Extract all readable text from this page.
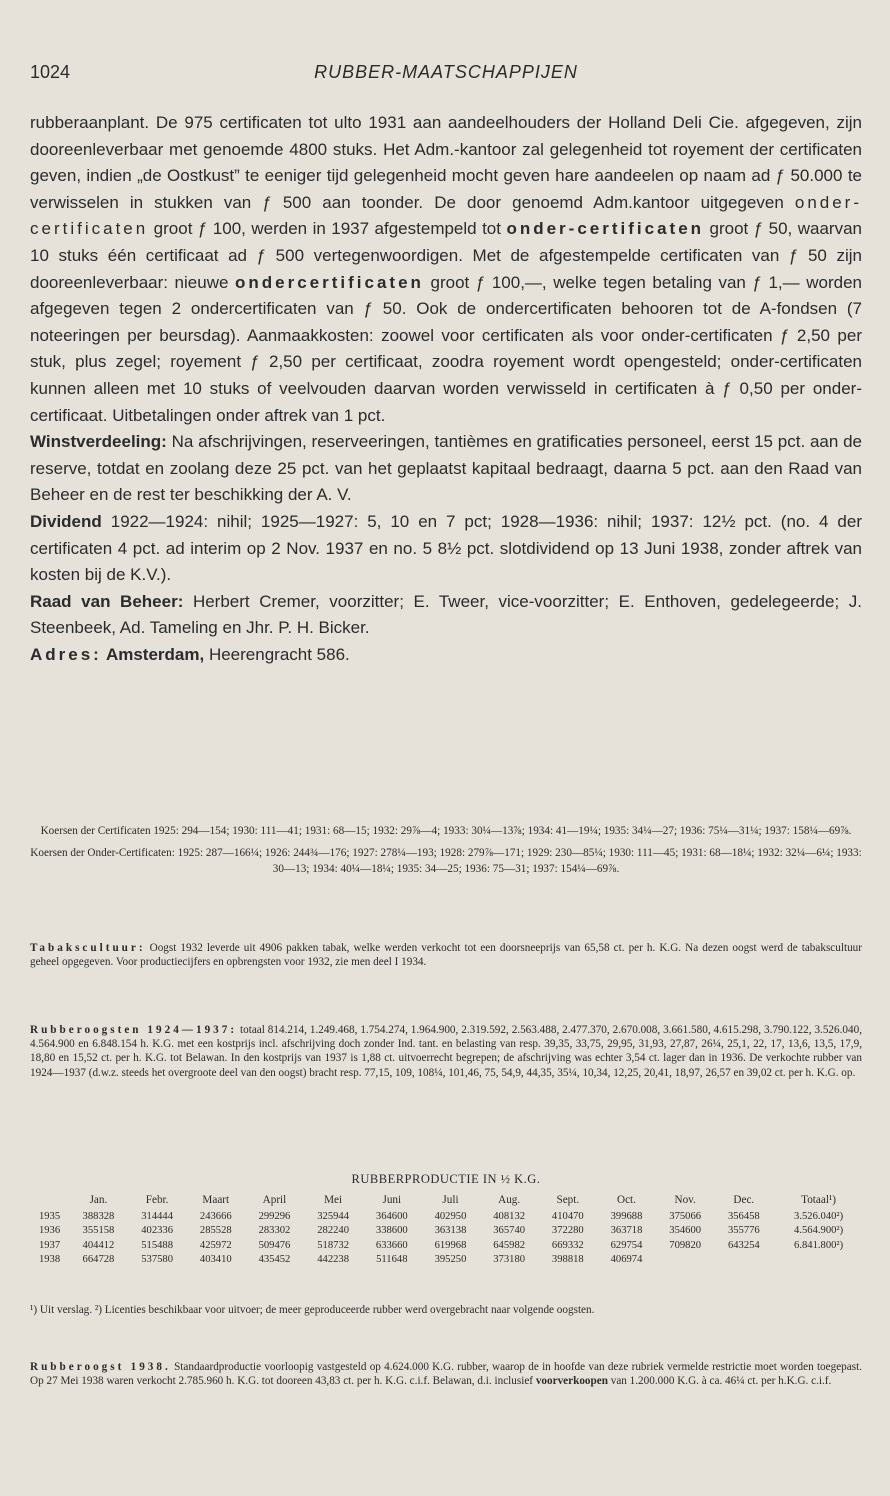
1024	RUBBER-MAATSCHAPPIJEN

rubberaanplant. De 975 certificaten tot ulto 1931 aan aandeelhouders der Holland Deli Cie. afgegeven, zijn dooreenleverbaar met genoemde 4800 stuks. Het Adm.-kantoor zal gelegenheid tot royement der certificaten geven, indien „de Oostkust” te eeniger tijd gelegenheid mocht geven hare aandeelen op naam ad ƒ 50.000 te verwisselen in stukken van ƒ 500 aan toonder. De door genoemd Adm.kantoor uitgegeven onder-certificaten groot ƒ 100, werden in 1937 afgestempeld tot onder-certificaten groot ƒ 50, waarvan 10 stuks één certificaat ad ƒ 500 vertegenwoordigen. Met de afgestempelde certificaten van ƒ 50 zijn dooreenleverbaar: nieuwe ondercertificaten groot ƒ 100,—, welke tegen betaling van ƒ 1,— worden afgegeven tegen 2 ondercertificaten van ƒ 50. Ook de ondercertificaten behooren tot de A-fondsen (7 noteeringen per beursdag). Aanmaakkosten: zoowel voor certificaten als voor onder-certificaten ƒ 2,50 per stuk, plus zegel; royement ƒ 2,50 per certificaat, zoodra royement wordt opengesteld; onder-certificaten kunnen alleen met 10 stuks of veelvouden daarvan worden verwisseld in certificaten à ƒ 0,50 per onder-certificaat. Uitbetalingen onder aftrek van 1 pct.

Winstverdeeling: Na afschrijvingen, reserveeringen, tantièmes en gratificaties personeel, eerst 15 pct. aan de reserve, totdat en zoolang deze 25 pct. van het geplaatst kapitaal bedraagt, daarna 5 pct. aan den Raad van Beheer en de rest ter beschikking der A. V.

Dividend 1922—1924: nihil; 1925—1927: 5, 10 en 7 pct; 1928—1936: nihil; 1937: 12½ pct. (no. 4 der certificaten 4 pct. ad interim op 2 Nov. 1937 en no. 5 8½ pct. slotdividend op 13 Juni 1938, zonder aftrek van kosten bij de K.V.).

Raad van Beheer: Herbert Cremer, voorzitter; E. Tweer, vice-voorzitter; E. Enthoven, gedelegeerde; J. Steenbeek, Ad. Tameling en Jhr. P. H. Bicker.

Adres: Amsterdam, Heerengracht 586.

Koersen der Certificaten 1925: 294—154; 1930: 111—41; 1931: 68—15; 1932: 29⅞—4; 1933: 30¼—13⅞; 1934: 41—19¼; 1935: 34¼—27; 1936: 75¼—31¼; 1937: 158¼—69⅞.

Koersen der Onder-Certificaten: 1925: 287—166¼; 1926: 244¾—176; 1927: 278¼—193; 1928: 279⅞—171; 1929: 230—85¼; 1930: 111—45; 1931: 68—18¼; 1932: 32¼—6¼; 1933: 30—13; 1934: 40¼—18¼; 1935: 34—25; 1936: 75—31; 1937: 154¼—69⅞.

Tabakscultuur: Oogst 1932 leverde uit 4906 pakken tabak, welke werden verkocht tot een doorsneeprijs van 65,58 ct. per h. K.G. Na dezen oogst werd de tabakscultuur geheel opgegeven. Voor productiecijfers en opbrengsten voor 1932, zie men deel I 1934.

Rubberoogsten 1924—1937: totaal 814.214, 1.249.468, 1.754.274, 1.964.900, 2.319.592, 2.563.488, 2.477.370, 2.670.008, 3.661.580, 4.615.298, 3.790.122, 3.526.040, 4.564.900 en 6.848.154 h. K.G. met een kostprijs incl. afschrijving doch zonder Ind. tant. en belasting van resp. 39,35, 33,75, 29,95, 31,93, 27,87, 26¼, 25,1, 22, 17, 13,6, 13,5, 17,9, 18,80 en 15,52 ct. per h. K.G. tot Belawan. In den kostprijs van 1937 is 1,88 ct. uitvoerrecht begrepen; de afschrijving was echter 3,54 ct. lager dan in 1936. De verkochte rubber van 1924—1937 (d.w.z. steeds het overgroote deel van den oogst) bracht resp. 77,15, 109, 108¼, 101,46, 75, 54,9, 44,35, 35¼, 10,34, 12,25, 20,41, 18,97, 26,57 en 39,02 ct. per h. K.G. op.

RUBBERPRODUCTIE IN ½ K.G.
	Jan.	Febr.	Maart	April	Mei	Juni	Juli	Aug.	Sept.	Oct.	Nov.	Dec.	Totaal¹)
1935	388328	314444	243666	299296	325944	364600	402950	408132	410470	399688	375066	356458	3.526.040²)
1936	355158	402336	285528	283302	282240	338600	363138	365740	372280	363718	354600	355776	4.564.900²)
1937	404412	515488	425972	509476	518732	633660	619968	645982	669332	629754	709820	643254	6.841.800²)
1938	664728	537580	403410	435452	442238	511648	395250	373180	398818	406974			

¹) Uit verslag. ²) Licenties beschikbaar voor uitvoer; de meer geproduceerde rubber werd overgebracht naar volgende oogsten.

Rubberoogst 1938. Standaardproductie voorloopig vastgesteld op 4.624.000 K.G. rubber, waarop de in hoofde van deze rubriek vermelde restrictie moet worden toegepast. Op 27 Mei 1938 waren verkocht 2.785.960 h. K.G. tot dooreen 43,83 ct. per h. K.G. c.i.f. Belawan, d.i. inclusief voorverkoopen van 1.200.000 K.G. à ca. 46¼ ct. per h.K.G. c.i.f.
